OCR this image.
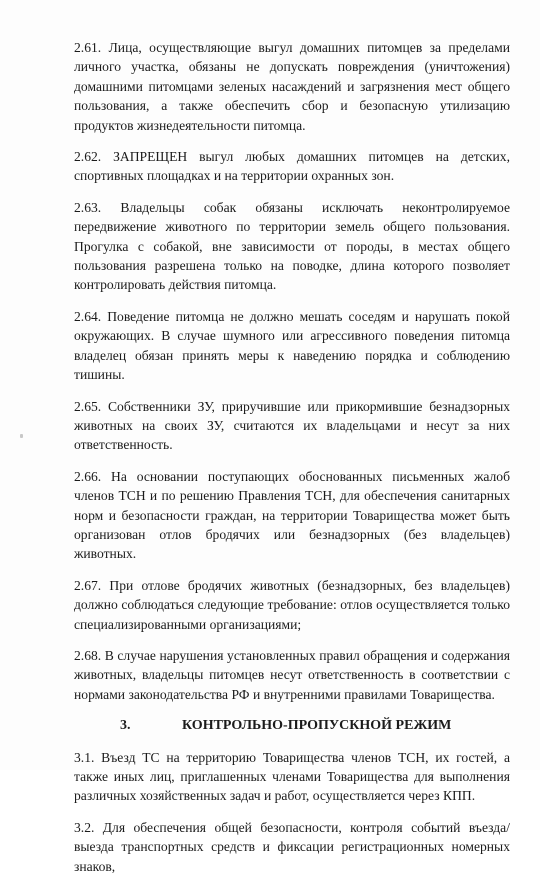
2.61. Лица, осуществляющие выгул домашних питомцев за пределами личного участка, обязаны не допускать повреждения (уничтожения) домашними питомцами зеленых насаждений и загрязнения мест общего пользования, а также обеспечить сбор и безопасную утилизацию продуктов жизнедеятельности питомца.

2.62. ЗАПРЕЩЕН выгул любых домашних питомцев на детских, спортивных площадках и на территории охранных зон.

2.63. Владельцы собак обязаны исключать неконтролируемое передвижение животного по территории земель общего пользования. Прогулка с собакой, вне зависимости от породы, в местах общего пользования разрешена только на поводке, длина которого позволяет контролировать действия питомца.

2.64. Поведение питомца не должно мешать соседям и нарушать покой окружающих. В случае шумного или агрессивного поведения питомца владелец обязан принять меры к наведению порядка и соблюдению тишины.

2.65. Собственники ЗУ, приручившие или прикормившие безнадзорных животных на своих ЗУ, считаются их владельцами и несут за них ответственность.

2.66. На основании поступающих обоснованных письменных жалоб членов ТСН и по решению Правления ТСН, для обеспечения санитарных норм и безопасности граждан, на территории Товарищества может быть организован отлов бродячих или безнадзорных (без владельцев) животных.

2.67. При отлове бродячих животных (безнадзорных, без владельцев) должно соблюдаться следующие требование: отлов осуществляется только специализированными организациями;

2.68. В случае нарушения установленных правил обращения и содержания животных, владельцы питомцев несут ответственность в соответствии с нормами законодательства РФ и внутренними правилами Товарищества.

3.	КОНТРОЛЬНО-ПРОПУСКНОЙ РЕЖИМ

3.1. Въезд ТС на территорию Товарищества членов ТСН, их гостей, а также иных лиц, приглашенных членами Товарищества для выполнения различных хозяйственных задач и работ, осуществляется через КПП.

3.2. Для обеспечения общей безопасности, контроля событий въезда/выезда транспортных средств и фиксации регистрационных номерных знаков,
